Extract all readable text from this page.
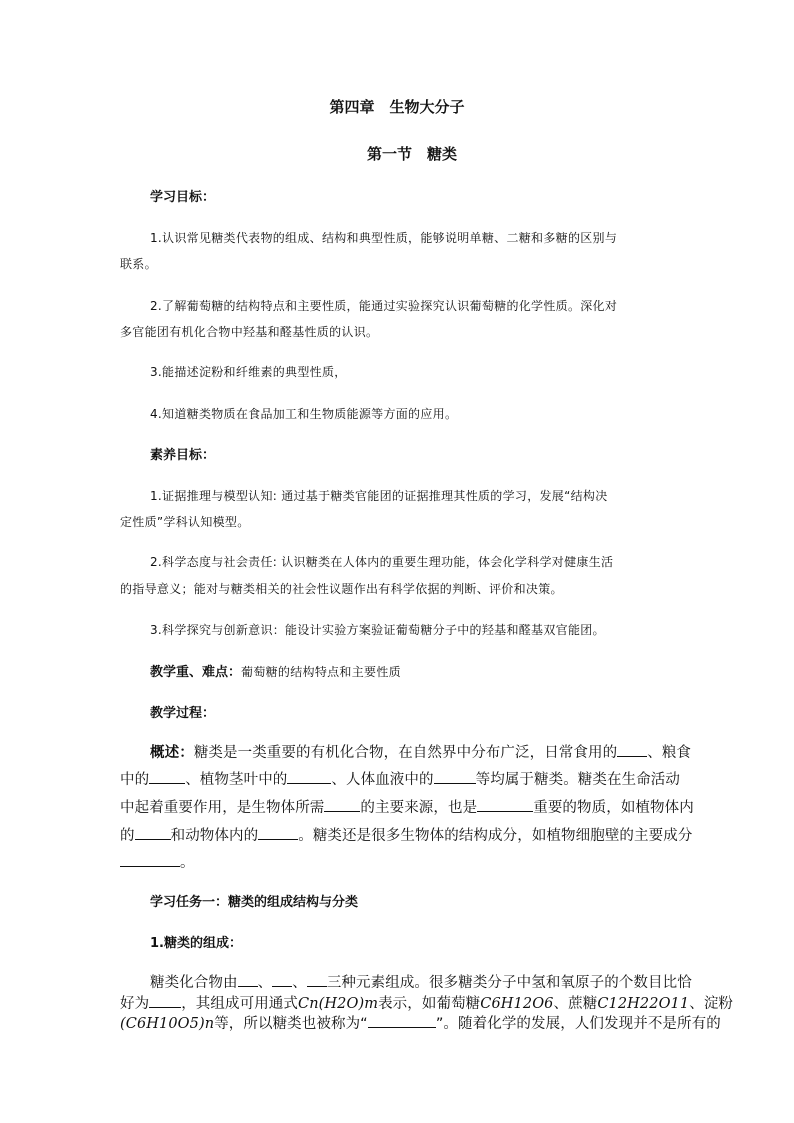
第四章　生物大分子
第一节　糖类
学习目标：
1.认识常见糖类代表物的组成、结构和典型性质，能够说明单糖、二糖和多糖的区别与
联系。
2.了解葡萄糖的结构特点和主要性质，能通过实验探究认识葡萄糖的化学性质。深化对
多官能团有机化合物中羟基和醛基性质的认识。
3.能描述淀粉和纤维素的典型性质，
4.知道糖类物质在食品加工和生物质能源等方面的应用。
素养目标：
1.证据推理与模型认知: 通过基于糖类官能团的证据推理其性质的学习，发展“结构决
定性质”学科认知模型。
2.科学态度与社会责任: 认识糖类在人体内的重要生理功能，体会化学科学对健康生活
的指导意义；能对与糖类相关的社会性议题作出有科学依据的判断、评价和决策。
3.科学探究与创新意识：能设计实验方案验证葡萄糖分子中的羟基和醛基双官能团。
教学重、难点：葡萄糖的结构特点和主要性质
教学过程：
概述：糖类是一类重要的有机化合物，在自然界中分布广泛，日常食用的 、粮食
中的 、植物茎叶中的	、人体血液中的	等均属于糖类。糖类在生命活动
中起着重要作用，是生物体所需 的主要来源，也是	重要的物质，如植物体内
的 和动物体内的	。糖类还是很多生物体的结构成分，如植物细胞壁的主要成分
。
学习任务一：糖类的组成结构与分类
1.糖类的组成：
糖类化合物由 、 、 三种元素组成。很多糖类分子中氢和氧原子的个数目比恰
好为 ，其组成可用通式Cn(H2O)m表示，如葡萄糖C6H12O6、蔗糖C12H22O11、淀粉
(C6H10O5)n等，所以糖类也被称为“	”。随着化学的发展，人们发现并不是所有的
